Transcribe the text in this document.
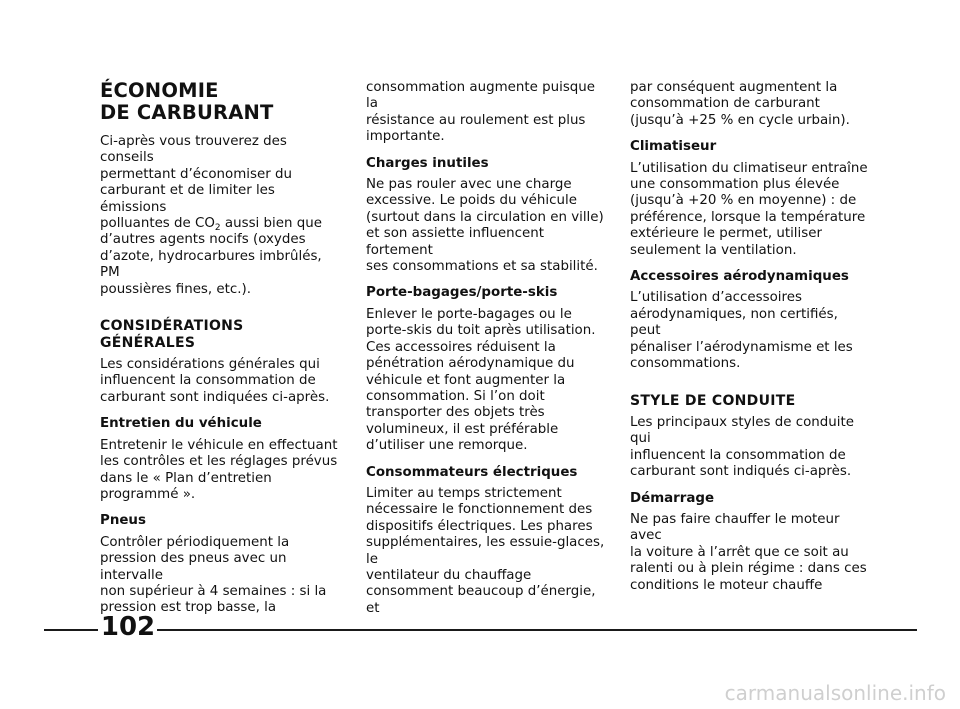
ÉCONOMIE
DE CARBURANT

Ci-après vous trouverez des conseils

permettant d’économiser du

carburant et de limiter les émissions

polluantes de $CO_2$ aussi bien que

d’autres agents nocifs (oxydes

d’azote, hydrocarbures imbrûlés, PM

poussières fines, etc.).

CONSIDÉRATIONS
GÉNÉRALES

Les considérations générales qui

influencent la consommation de

carburant sont indiquées ci-après.

Entretien du véhicule

Entretenir le véhicule en effectuant

les contrôles et les réglages prévus

dans le « Plan d’entretien

programmé ».

Pneus

Contrôler périodiquement la

pression des pneus avec un intervalle

non supérieur à 4 semaines : si la

pression est trop basse, la

consommation augmente puisque la

résistance au roulement est plus

importante.

Charges inutiles

Ne pas rouler avec une charge

excessive. Le poids du véhicule

(surtout dans la circulation en ville)

et son assiette influencent fortement

ses consommations et sa stabilité.

Porte-bagages/porte-skis

Enlever le porte-bagages ou le

porte-skis du toit après utilisation.

Ces accessoires réduisent la

pénétration aérodynamique du

véhicule et font augmenter la

consommation. Si l’on doit

transporter des objets très

volumineux, il est préférable

d’utiliser une remorque.

Consommateurs électriques

Limiter au temps strictement

nécessaire le fonctionnement des

dispositifs électriques. Les phares

supplémentaires, les essuie-glaces, le

ventilateur du chauffage

consomment beaucoup d’énergie, et

par conséquent augmentent la

consommation de carburant

(jusqu’à +25 % en cycle urbain).

Climatiseur

L’utilisation du climatiseur entraîne

une consommation plus élevée

(jusqu’à +20 % en moyenne) : de

préférence, lorsque la température

extérieure le permet, utiliser

seulement la ventilation.

Accessoires aérodynamiques

L’utilisation d’accessoires

aérodynamiques, non certifiés, peut

pénaliser l’aérodynamisme et les

consommations.

STYLE DE CONDUITE

Les principaux styles de conduite qui

influencent la consommation de

carburant sont indiqués ci-après.

Démarrage

Ne pas faire chauffer le moteur avec

la voiture à l’arrêt que ce soit au

ralenti ou à plein régime : dans ces

conditions le moteur chauffe

102
carmanualsonline.info
